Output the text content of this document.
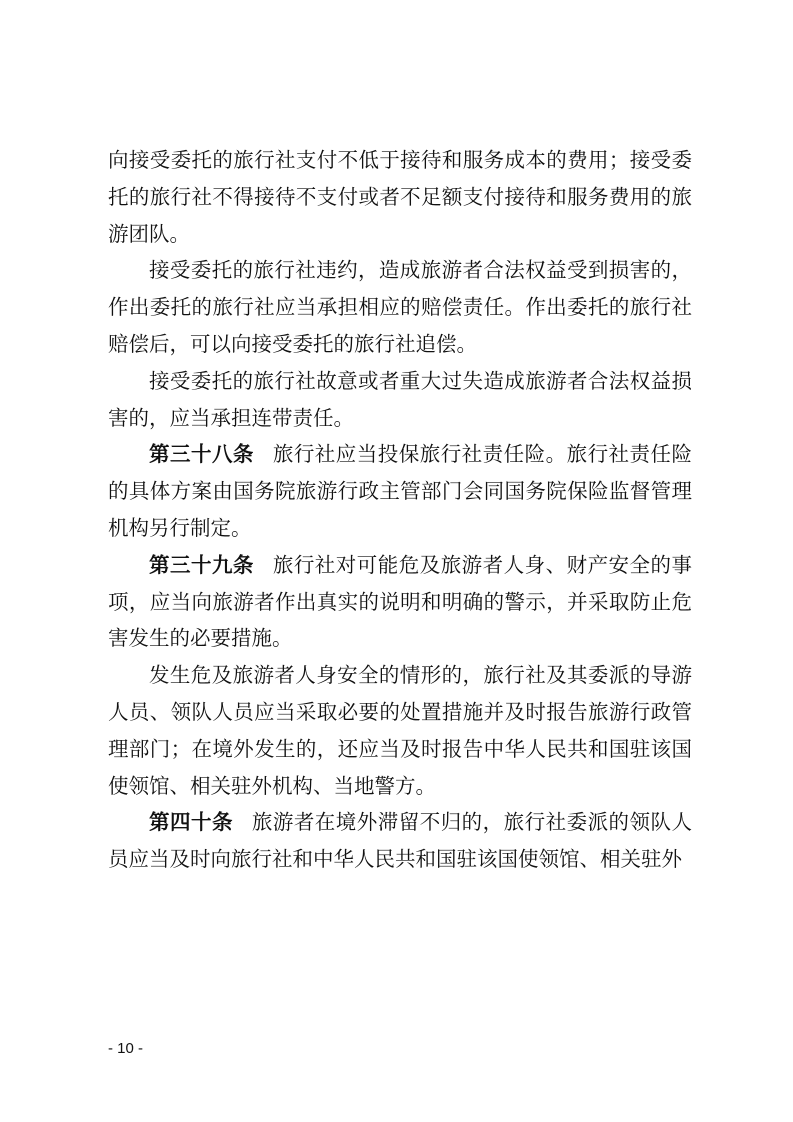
向接受委托的旅行社支付不低于接待和服务成本的费用；接受委托的旅行社不得接待不支付或者不足额支付接待和服务费用的旅游团队。

接受委托的旅行社违约，造成旅游者合法权益受到损害的，作出委托的旅行社应当承担相应的赔偿责任。作出委托的旅行社赔偿后，可以向接受委托的旅行社追偿。

接受委托的旅行社故意或者重大过失造成旅游者合法权益损害的，应当承担连带责任。

第三十八条 旅行社应当投保旅行社责任险。旅行社责任险的具体方案由国务院旅游行政主管部门会同国务院保险监督管理机构另行制定。

第三十九条 旅行社对可能危及旅游者人身、财产安全的事项，应当向旅游者作出真实的说明和明确的警示，并采取防止危害发生的必要措施。

发生危及旅游者人身安全的情形的，旅行社及其委派的导游人员、领队人员应当采取必要的处置措施并及时报告旅游行政管理部门；在境外发生的，还应当及时报告中华人民共和国驻该国使领馆、相关驻外机构、当地警方。

第四十条 旅游者在境外滞留不归的，旅行社委派的领队人员应当及时向旅行社和中华人民共和国驻该国使领馆、相关驻外

- 10 -
